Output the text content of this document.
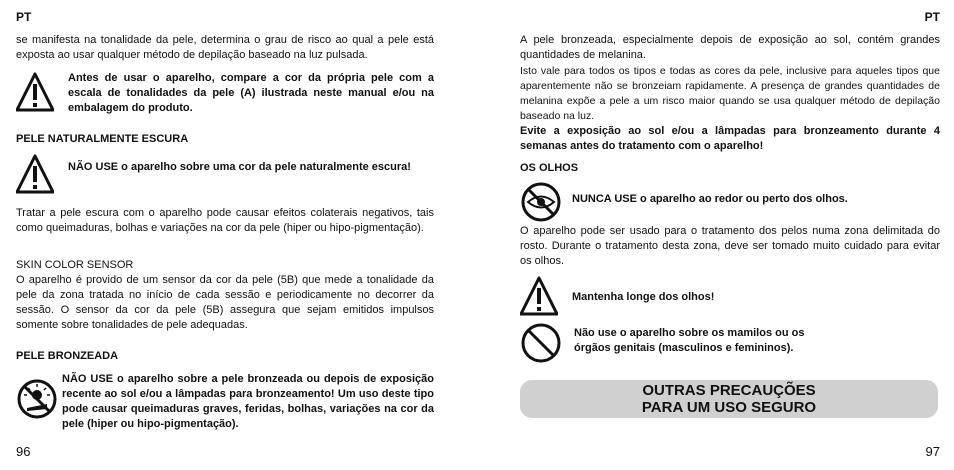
PT
se manifesta na tonalidade da pele, determina o grau de risco ao qual a pele está exposta ao usar qualquer método de depilação baseado na luz pulsada.
Antes de usar o aparelho, compare a cor da própria pele com a escala de tonalidades da pele (A) ilustrada neste manual e/ou na embalagem do produto.
PELE NATURALMENTE ESCURA
NÃO USE o aparelho sobre uma cor da pele naturalmente escura!
Tratar a pele escura com o aparelho pode causar efeitos colaterais negativos, tais como queimaduras, bolhas e variações na cor da pele (hiper ou hipo-pigmentação).
SKIN COLOR SENSOR
O aparelho é provido de um sensor da cor da pele (5B) que mede a tonalidade da pele da zona tratada no início de cada sessão e periodicamente no decorrer da sessão. O sensor da cor da pele (5B) assegura que sejam emitidos impulsos somente sobre tonalidades de pele adequadas.
PELE BRONZEADA
NÃO USE o aparelho sobre a pele bronzeada ou depois de exposição recente ao sol e/ou a lâmpadas para bronzeamento! Um uso deste tipo pode causar queimaduras graves, feridas, bolhas, variações na cor da pele (hiper ou hipo-pigmentação).
96
PT
A pele bronzeada, especialmente depois de exposição ao sol, contém grandes quantidades de melanina.
Isto vale para todos os tipos e todas as cores da pele, inclusive para aqueles tipos que aparentemente não se bronzeiam rapidamente. A presença de grandes quantidades de melanina expõe a pele a um risco maior quando se usa qualquer método de depilação baseado na luz.
Evite a exposição ao sol e/ou a lâmpadas para bronzeamento durante 4 semanas antes do tratamento com o aparelho!
OS OLHOS
NUNCA USE o aparelho ao redor ou perto dos olhos.
O aparelho pode ser usado para o tratamento dos pelos numa zona delimitada do rosto. Durante o tratamento desta zona, deve ser tomado muito cuidado para evitar os olhos.
Mantenha longe dos olhos!
Não use o aparelho sobre os mamilos ou os órgãos genitais (masculinos e femininos).
OUTRAS PRECAUÇÕES
PARA UM USO SEGURO
97
